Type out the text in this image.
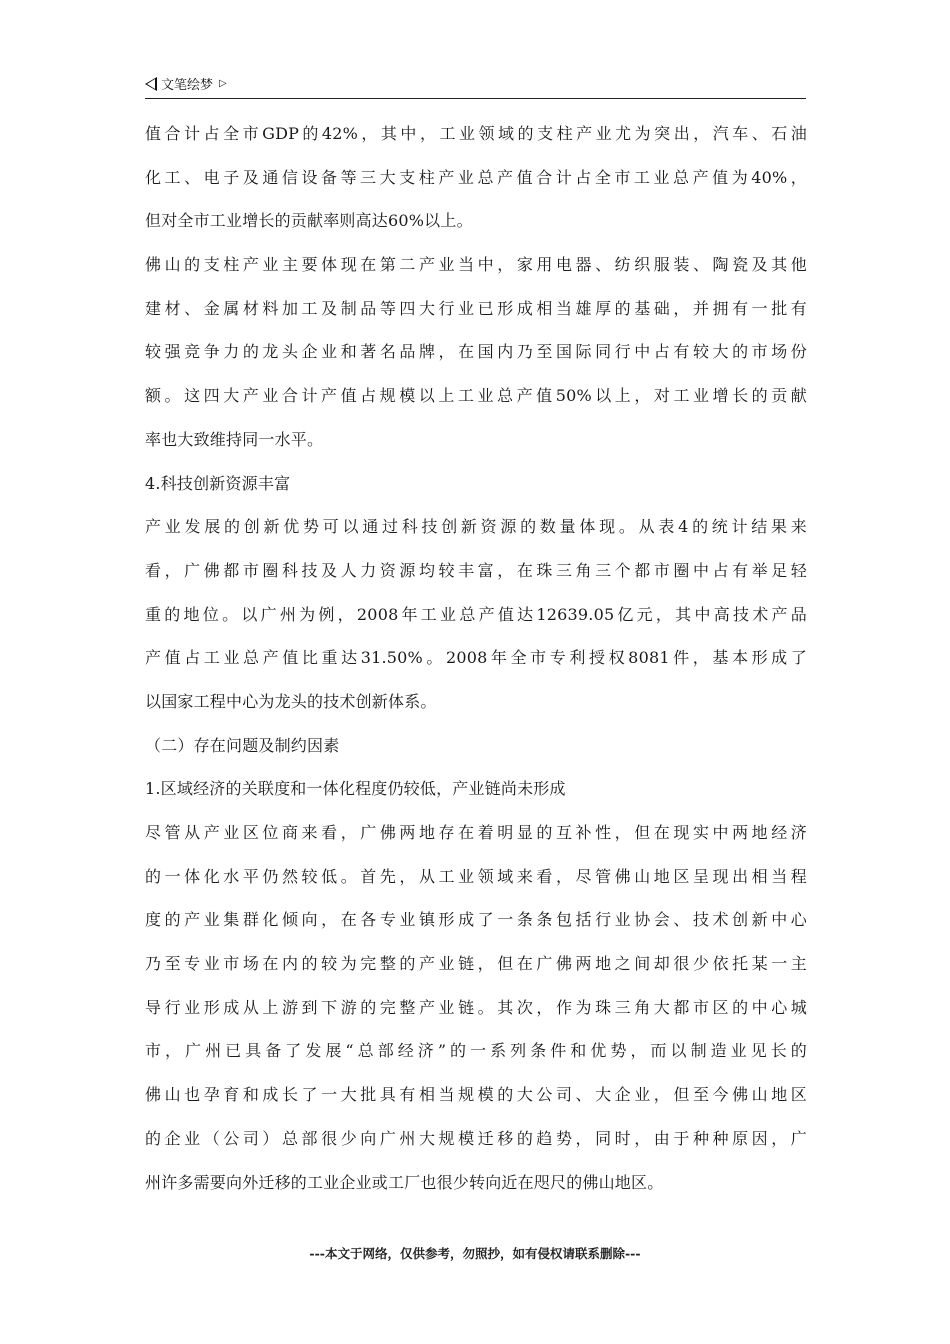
文笔绘梦 ▷
值合计占全市GDP的42%，其中，工业领域的支柱产业尤为突出，汽车、石油
化工、电子及通信设备等三大支柱产业总产值合计占全市工业总产值为40%，
但对全市工业增长的贡献率则高达60%以上。
佛山的支柱产业主要体现在第二产业当中，家用电器、纺织服装、陶瓷及其他
建材、金属材料加工及制品等四大行业已形成相当雄厚的基础，并拥有一批有
较强竞争力的龙头企业和著名品牌，在国内乃至国际同行中占有较大的市场份
额。这四大产业合计产值占规模以上工业总产值50%以上，对工业增长的贡献
率也大致维持同一水平。
4.科技创新资源丰富
产业发展的创新优势可以通过科技创新资源的数量体现。从表4的统计结果来
看，广佛都市圈科技及人力资源均较丰富，在珠三角三个都市圈中占有举足轻
重的地位。以广州为例，2008年工业总产值达12639.05亿元，其中高技术产品
产值占工业总产值比重达31.50%。2008年全市专利授权8081件，基本形成了
以国家工程中心为龙头的技术创新体系。
（二）存在问题及制约因素
1.区域经济的关联度和一体化程度仍较低，产业链尚未形成
尽管从产业区位商来看，广佛两地存在着明显的互补性，但在现实中两地经济
的一体化水平仍然较低。首先，从工业领域来看，尽管佛山地区呈现出相当程
度的产业集群化倾向，在各专业镇形成了一条条包括行业协会、技术创新中心
乃至专业市场在内的较为完整的产业链，但在广佛两地之间却很少依托某一主
导行业形成从上游到下游的完整产业链。其次，作为珠三角大都市区的中心城
市，广州已具备了发展“总部经济”的一系列条件和优势，而以制造业见长的
佛山也孕育和成长了一大批具有相当规模的大公司、大企业，但至今佛山地区
的企业（公司）总部很少向广州大规模迁移的趋势，同时，由于种种原因，广
州许多需要向外迁移的工业企业或工厂也很少转向近在咫尺的佛山地区。
---本文于网络，仅供参考，勿照抄，如有侵权请联系删除---
